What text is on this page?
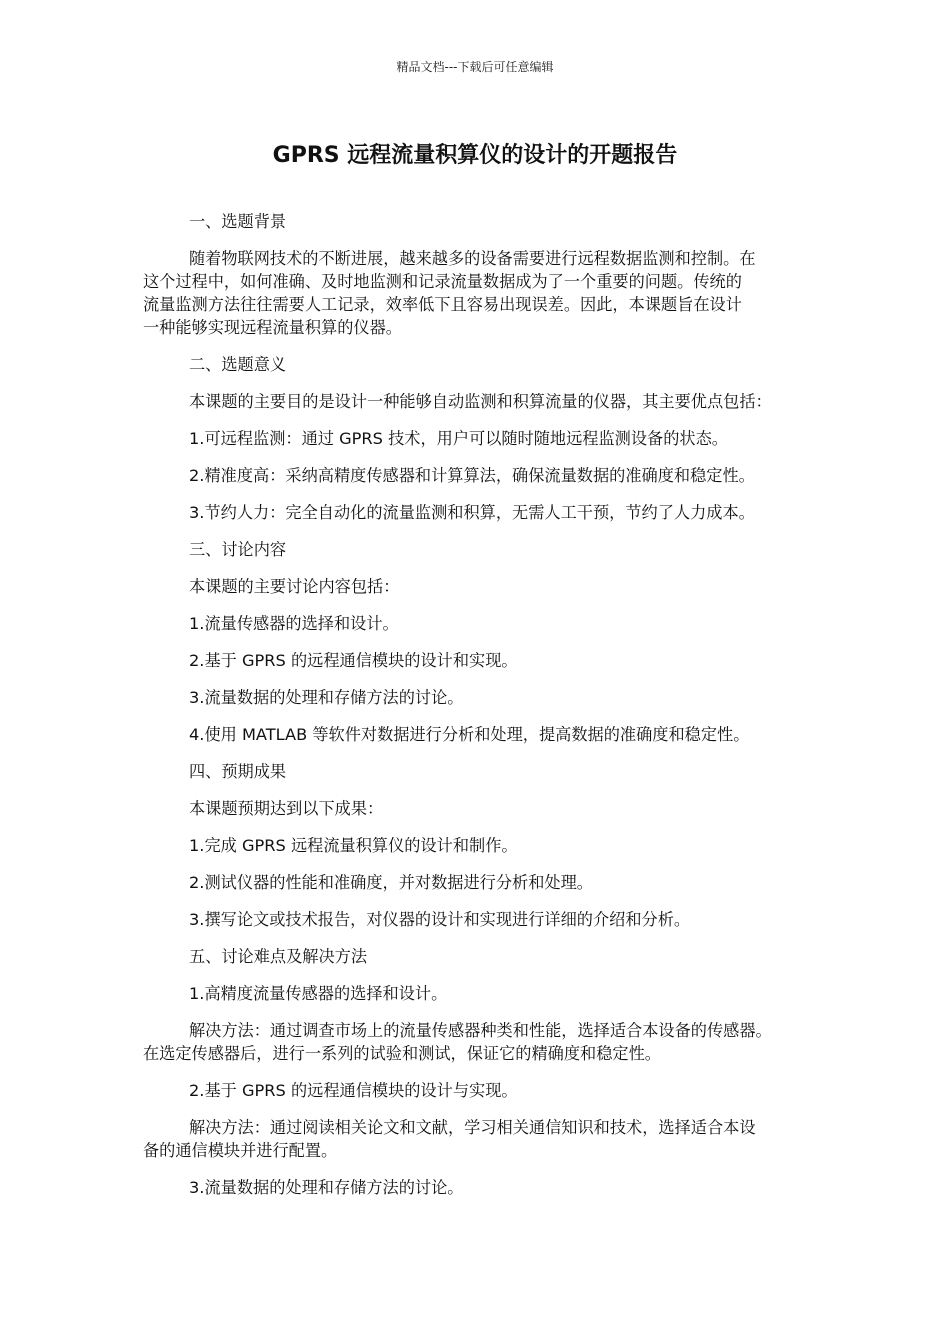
精品文档---下载后可任意编辑
GPRS 远程流量积算仪的设计的开题报告

一、选题背景

随着物联网技术的不断进展，越来越多的设备需要进行远程数据监测和控制。在

这个过程中，如何准确、及时地监测和记录流量数据成为了一个重要的问题。传统的

流量监测方法往往需要人工记录，效率低下且容易出现误差。因此，本课题旨在设计

一种能够实现远程流量积算的仪器。

二、选题意义

本课题的主要目的是设计一种能够自动监测和积算流量的仪器，其主要优点包括：

1.可远程监测：通过 GPRS 技术，用户可以随时随地远程监测设备的状态。

2.精准度高：采纳高精度传感器和计算算法，确保流量数据的准确度和稳定性。

3.节约人力：完全自动化的流量监测和积算，无需人工干预，节约了人力成本。

三、讨论内容

本课题的主要讨论内容包括：

1.流量传感器的选择和设计。

2.基于 GPRS 的远程通信模块的设计和实现。

3.流量数据的处理和存储方法的讨论。

4.使用 MATLAB 等软件对数据进行分析和处理，提高数据的准确度和稳定性。

四、预期成果

本课题预期达到以下成果：

1.完成 GPRS 远程流量积算仪的设计和制作。

2.测试仪器的性能和准确度，并对数据进行分析和处理。

3.撰写论文或技术报告，对仪器的设计和实现进行详细的介绍和分析。

五、讨论难点及解决方法

1.高精度流量传感器的选择和设计。

解决方法：通过调查市场上的流量传感器种类和性能，选择适合本设备的传感器。

在选定传感器后，进行一系列的试验和测试，保证它的精确度和稳定性。

2.基于 GPRS 的远程通信模块的设计与实现。

解决方法：通过阅读相关论文和文献，学习相关通信知识和技术，选择适合本设

备的通信模块并进行配置。

3.流量数据的处理和存储方法的讨论。
